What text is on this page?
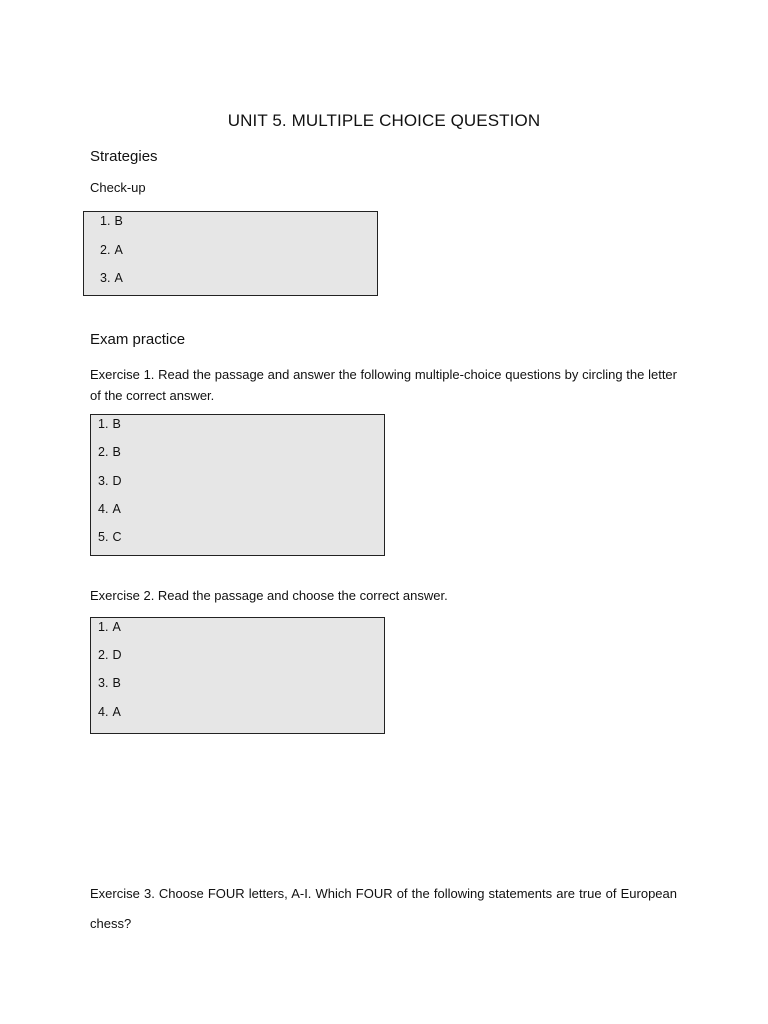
UNIT 5. MULTIPLE CHOICE QUESTION
Strategies
Check-up
1. B
2. A
3. A
Exam practice
Exercise 1. Read the passage and answer the following multiple-choice questions by circling the letter of the correct answer.
1. B
2. B
3. D
4. A
5. C
Exercise 2. Read the passage and choose the correct answer.
1. A
2. D
3. B
4. A
Exercise 3. Choose FOUR letters, A-I. Which FOUR of the following statements are true of European chess?
